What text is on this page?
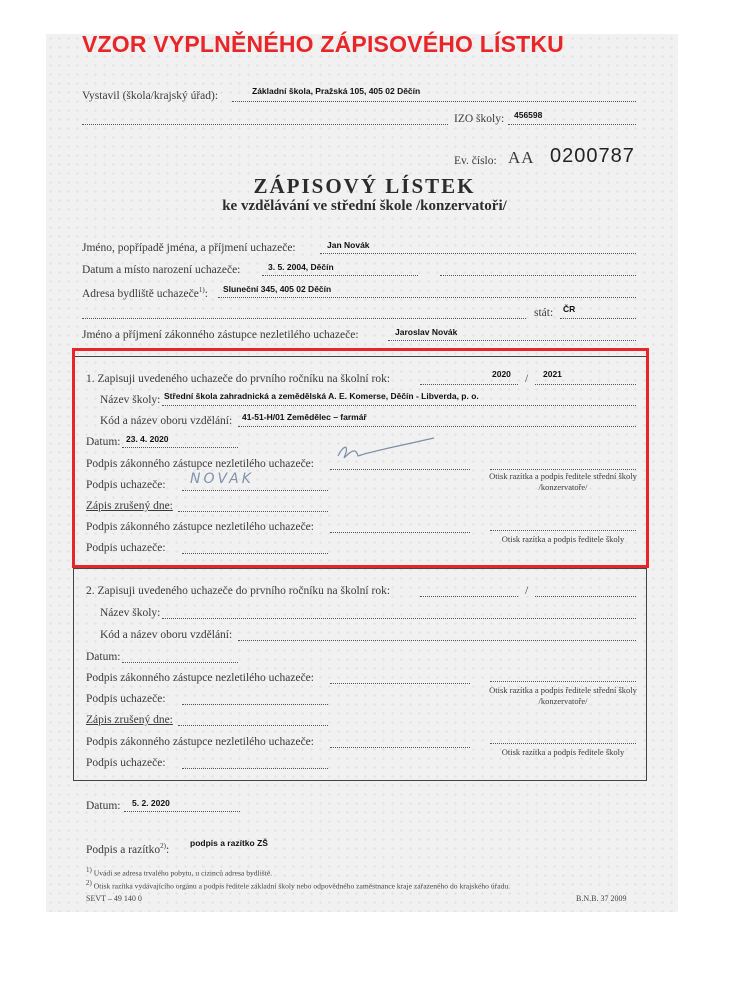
VZOR VYPLNĚNÉHO ZÁPISOVÉHO LÍSTKU
Vystavil (škola/krajský úřad):	Základní škola, Pražská 105, 405 02 Děčín
IZO školy: 456598
Ev. číslo: AA 0200787
ZÁPISOVÝ LÍSTEK
ke vzdělávání ve střední škole /konzervatoři/
Jméno, popřípadě jména, a příjmení uchazeče:	Jan Novák
Datum a místo narození uchazeče:	3. 5. 2004, Děčín
Adresa bydliště uchazeče$^{1)}$: Sluneční 345, 405 02 Děčín
stát: ČR
Jméno a příjmení zákonného zástupce nezletilého uchazeče:	Jaroslav Novák
1. Zapisuji uvedeného uchazeče do prvního ročníku na školní rok:	2020 / 2021
Název školy: Střední škola zahradnická a zemědělská A. E. Komerse, Děčín - Libverda, p. o.
Kód a název oboru vzdělání: 41-51-H/01 Zemědělec – farmář
Datum: 23. 4. 2020
Podpis zákonného zástupce nezletilého uchazeče:
Otisk razítka a podpis ředitele střední školy /konzervatoře/
Podpis uchazeče: NOVAK
Zápis zrušený dne:
Podpis zákonného zástupce nezletilého uchazeče:
Otisk razítka a podpis ředitele školy
Podpis uchazeče:
2. Zapisuji uvedeného uchazeče do prvního ročníku na školní rok:	/
Název školy:
Kód a název oboru vzdělání:
Datum:
Podpis zákonného zástupce nezletilého uchazeče:
Otisk razítka a podpis ředitele střední školy /konzervatoře/
Podpis uchazeče:
Zápis zrušený dne:
Podpis zákonného zástupce nezletilého uchazeče:
Otisk razítka a podpis ředitele školy
Podpis uchazeče:
Datum: 5. 2. 2020
Podpis a razítko$^{2)}$:
podpis a razítko ZŠ
1) Uvádí se adresa trvalého pobytu, u cizinců adresa bydliště.
2) Otisk razítka vydávajícího orgánu a podpis ředitele základní školy nebo odpovědného zaměstnance kraje zařazeného do krajského úřadu.
SEVT – 49 140 0	B.N.B. 37 2009
